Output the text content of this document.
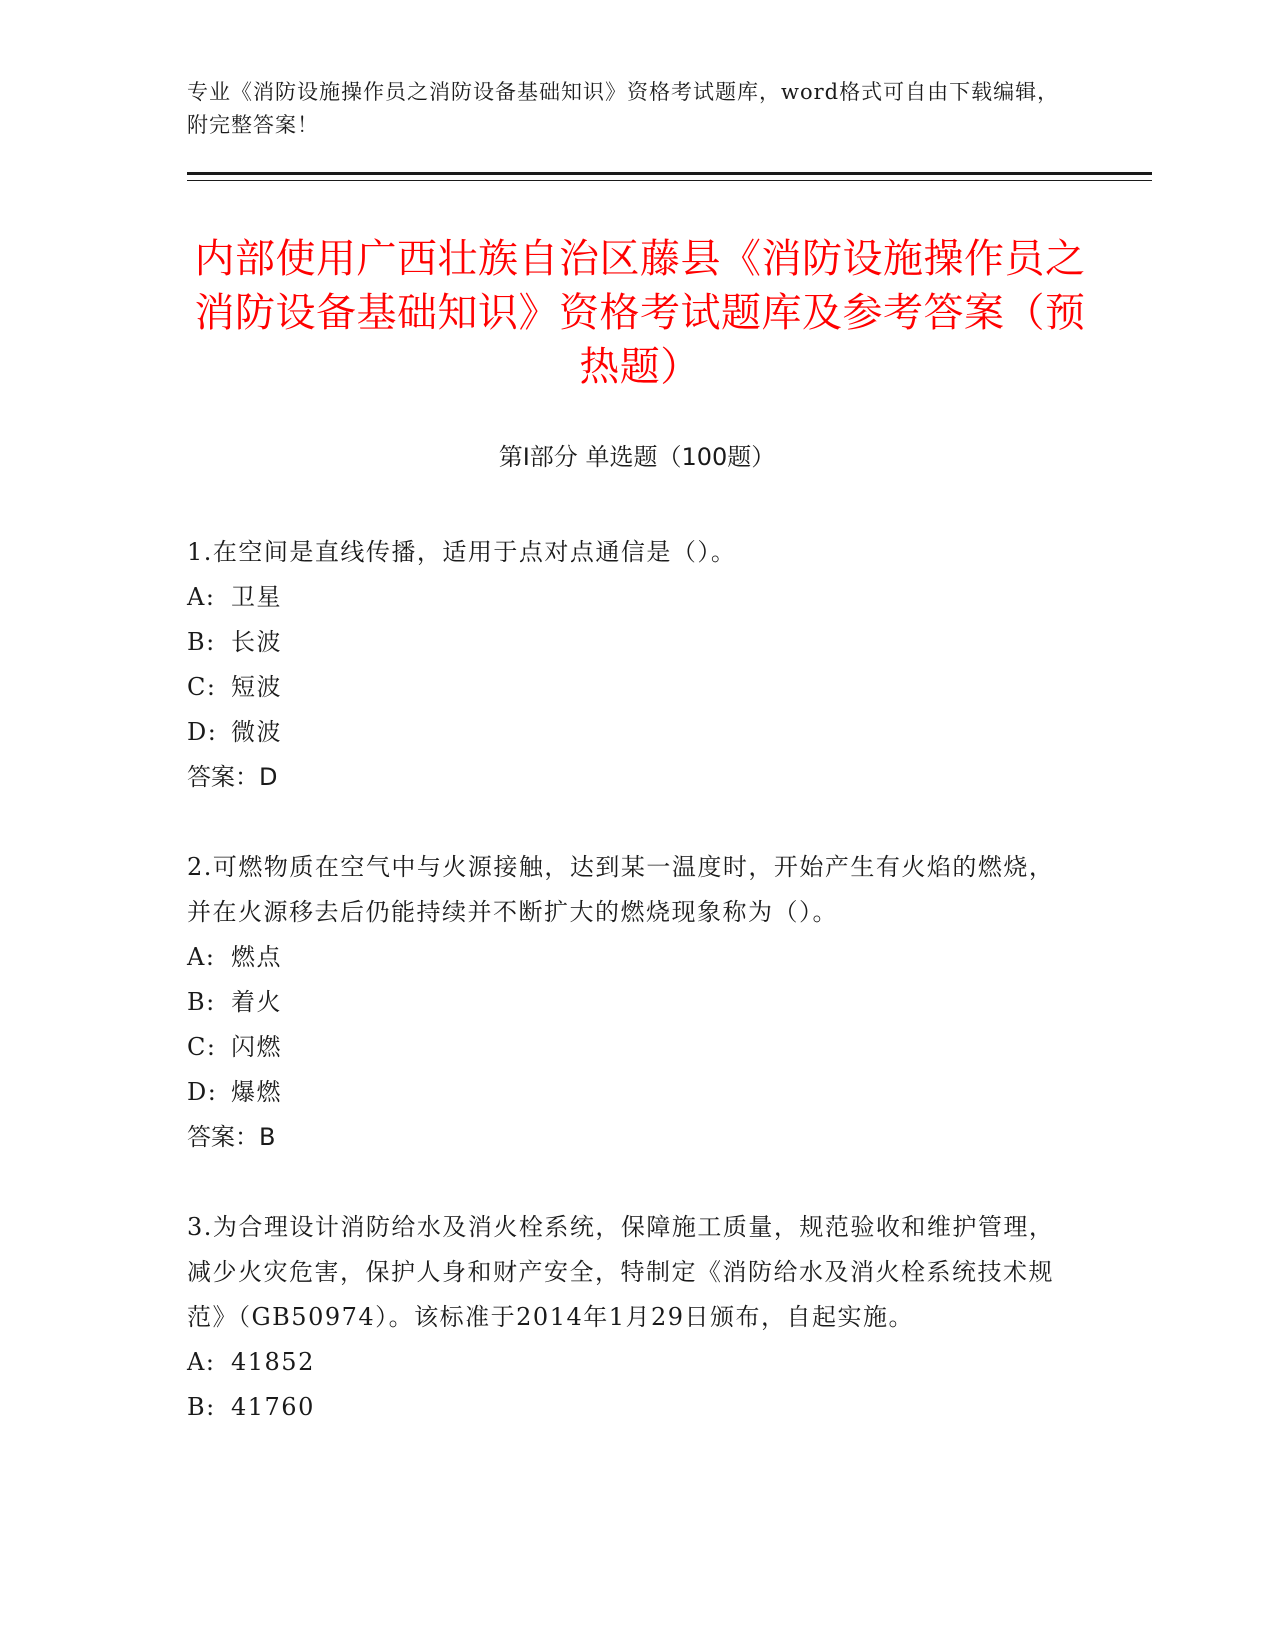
专业《消防设施操作员之消防设备基础知识》资格考试题库，word格式可自由下载编辑，附完整答案！
内部使用广西壮族自治区藤县《消防设施操作员之消防设备基础知识》资格考试题库及参考答案（预热题）
第Ⅰ部分 单选题（100题）

1.在空间是直线传播，适用于点对点通信是（）。

A: 卫星

B: 长波

C: 短波

D: 微波

答案：D

2.可燃物质在空气中与火源接触，达到某一温度时，开始产生有火焰的燃烧，并在火源移去后仍能持续并不断扩大的燃烧现象称为（）。

A: 燃点

B: 着火

C: 闪燃

D: 爆燃

答案：B

3.为合理设计消防给水及消火栓系统，保障施工质量，规范验收和维护管理，减少火灾危害，保护人身和财产安全，特制定《消防给水及消火栓系统技术规范》（GB50974）。该标准于2014年1月29日颁布，自起实施。

A: 41852

B: 41760
